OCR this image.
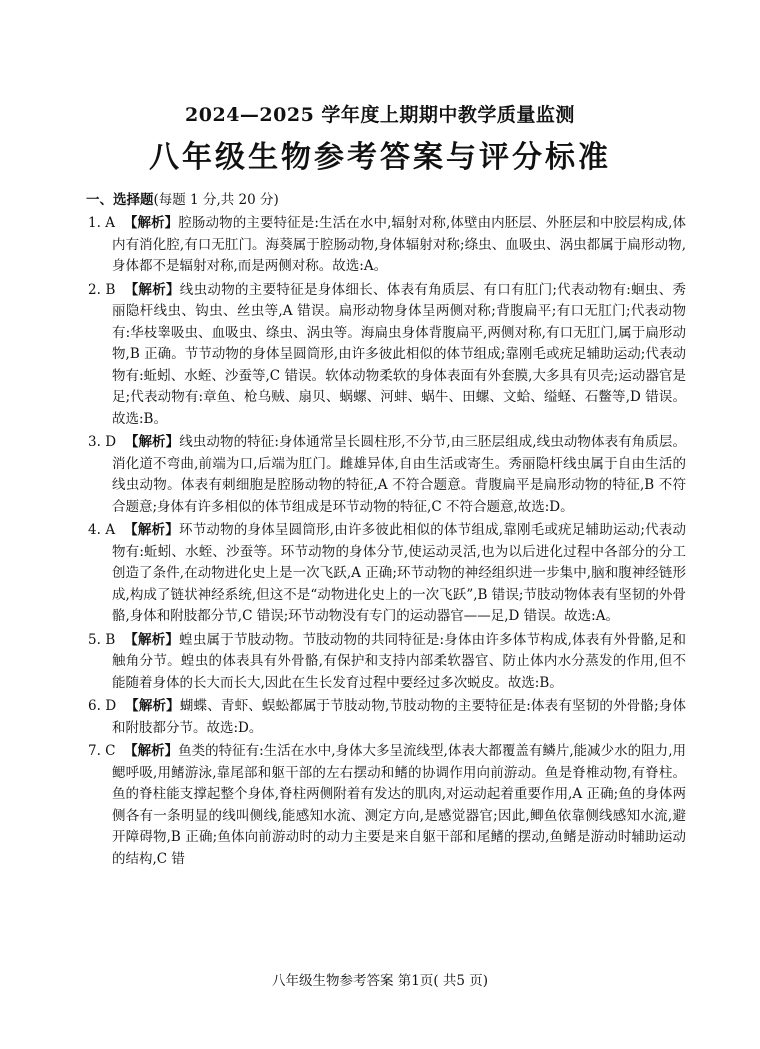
2024—2025 学年度上期期中教学质量监测
八年级生物参考答案与评分标准
一、选择题(每题 1 分,共 20 分)
1. A 【解析】腔肠动物的主要特征是:生活在水中,辐射对称,体壁由内胚层、外胚层和中胶层构成,体内有消化腔,有口无肛门。海葵属于腔肠动物,身体辐射对称;绦虫、血吸虫、涡虫都属于扁形动物,身体都不是辐射对称,而是两侧对称。故选:A。
2. B 【解析】线虫动物的主要特征是身体细长、体表有角质层、有口有肛门;代表动物有:蛔虫、秀丽隐杆线虫、钩虫、丝虫等,A 错误。扁形动物身体呈两侧对称;背腹扁平;有口无肛门;代表动物有:华枝睾吸虫、血吸虫、绦虫、涡虫等。海扁虫身体背腹扁平,两侧对称,有口无肛门,属于扁形动物,B 正确。节节动物的身体呈圆筒形,由许多彼此相似的体节组成;靠刚毛或疣足辅助运动;代表动物有:蚯蚓、水蛭、沙蚕等,C 错误。软体动物柔软的身体表面有外套膜,大多具有贝壳;运动器官是足;代表动物有:章鱼、枪乌贼、扇贝、蜗螺、河蚌、蜗牛、田螺、文蛤、缢蛏、石鳖等,D 错误。故选:B。
3. D 【解析】线虫动物的特征:身体通常呈长圆柱形,不分节,由三胚层组成,线虫动物体表有角质层。消化道不弯曲,前端为口,后端为肛门。雌雄异体,自由生活或寄生。秀丽隐杆线虫属于自由生活的线虫动物。体表有刺细胞是腔肠动物的特征,A 不符合题意。背腹扁平是扁形动物的特征,B 不符合题意;身体有许多相似的体节组成是环节动物的特征,C 不符合题意,故选:D。
4. A 【解析】环节动物的身体呈圆筒形,由许多彼此相似的体节组成,靠刚毛或疣足辅助运动;代表动物有:蚯蚓、水蛭、沙蚕等。环节动物的身体分节,使运动灵活,也为以后进化过程中各部分的分工创造了条件,在动物进化史上是一次飞跃,A 正确;环节动物的神经组织进一步集中,脑和腹神经链形成,构成了链状神经系统,但这不是“动物进化史上的一次飞跃”,B 错误;节肢动物体表有坚韧的外骨骼,身体和附肢都分节,C 错误;环节动物没有专门的运动器官——足,D 错误。故选:A。
5. B 【解析】蝗虫属于节肢动物。节肢动物的共同特征是:身体由许多体节构成,体表有外骨骼,足和触角分节。蝗虫的体表具有外骨骼,有保护和支持内部柔软器官、防止体内水分蒸发的作用,但不能随着身体的长大而长大,因此在生长发育过程中要经过多次蜕皮。故选:B。
6. D 【解析】蝴蝶、青虾、蜈蚣都属于节肢动物,节肢动物的主要特征是:体表有坚韧的外骨骼;身体和附肢都分节。故选:D。
7. C 【解析】鱼类的特征有:生活在水中,身体大多呈流线型,体表大都覆盖有鳞片,能减少水的阻力,用鳃呼吸,用鳍游泳,靠尾部和躯干部的左右摆动和鳍的协调作用向前游动。鱼是脊椎动物,有脊柱。鱼的脊柱能支撑起整个身体,脊柱两侧附着有发达的肌肉,对运动起着重要作用,A 正确;鱼的身体两侧各有一条明显的线叫侧线,能感知水流、测定方向,是感觉器官;因此,鲫鱼依靠侧线感知水流,避开障碍物,B 正确;鱼体向前游动时的动力主要是来自躯干部和尾鳍的摆动,鱼鳍是游动时辅助运动的结构,C 错
八年级生物参考答案 第1页( 共5 页)
